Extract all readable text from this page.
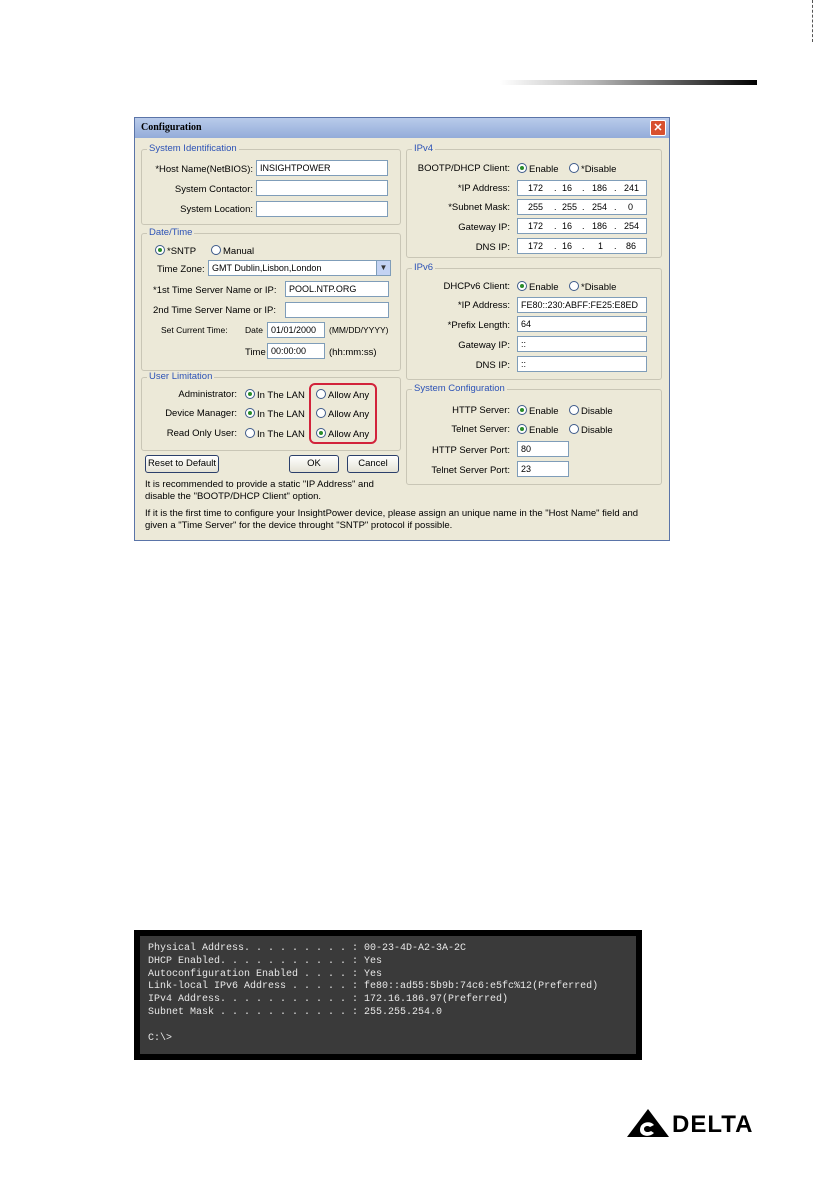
Configuration	✕
System Identification
*Host Name(NetBIOS): INSIGHTPOWER
System Contactor:
System Location:
Date/Time
*SNTP	Manual
Time Zone: GMT Dublin,Lisbon,London	▼
*1st Time Server Name or IP:	POOL.NTP.ORG
2nd Time Server Name or IP:
Set Current Time: Date 01/01/2000	(MM/DD/YYYY)
Time 00:00:00	(hh:mm:ss)
User Limitation
Administrator:	In The LAN	Allow Any
Device Manager:	In The LAN	Allow Any
Read Only User:	In The LAN	Allow Any
Reset to Default	OK	Cancel
It is recommended to provide a static "IP Address" and
disable the "BOOTP/DHCP Client" option.
If it is the first time to configure your InsightPower device, please assign an unique name in the "Host Name" field and
given a "Time Server" for the device throught "SNTP" protocol if possible.
IPv4
BOOTP/DHCP Client:	Enable	*Disable
*IP Address: 172 . 16 . 186 . 241
*Subnet Mask: 255 . 255 . 254 . 0
Gateway IP: 172 . 16 . 186 . 254
DNS IP: 172 . 16 . 1 . 86
IPv6
DHCPv6 Client:	Enable	*Disable
*IP Address:	FE80::230:ABFF:FE25:E8ED
*Prefix Length:	64
Gateway IP:	::
DNS IP:	::
System Configuration
HTTP Server:	Enable	Disable
Telnet Server:	Enable	Disable
HTTP Server Port:	80
Telnet Server Port:	23
Physical Address. . . . . . . . . : 00-23-4D-A2-3A-2C
DHCP Enabled. . . . . . . . . . . : Yes
Autoconfiguration Enabled . . . . : Yes
Link-local IPv6 Address . . . . . : fe80::ad55:5b9b:74c6:e5fc%12(Preferred)
IPv4 Address. . . . . . . . . . . : 172.16.186.97(Preferred)
Subnet Mask . . . . . . . . . . . : 255.255.254.0

C:\>
DELTA
